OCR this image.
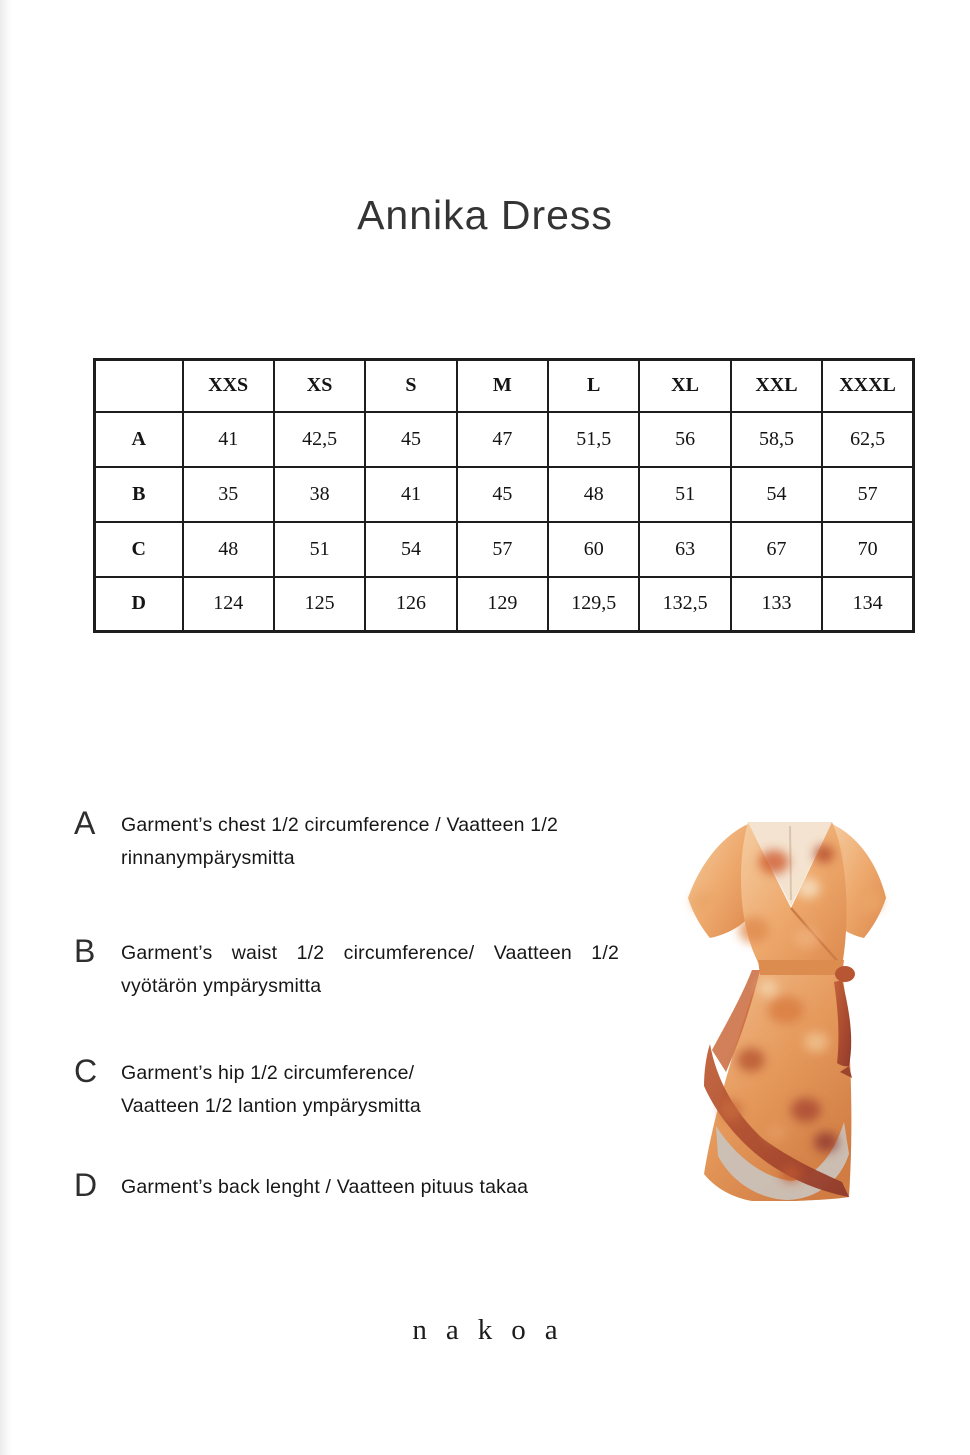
Annika Dress
	XXS	XS	S	M	L	XL	XXL	XXXL
A	41	42,5	45	47	51,5	56	58,5	62,5
B	35	38	41	45	48	51	54	57
C	48	51	54	57	60	63	67	70
D	124	125	126	129	129,5	132,5	133	134
A	Garment’s chest 1/2 circumference / Vaatteen 1/2
rinnanympärysmitta
B	Garment’s waist 1/2 circumference/ Vaatteen 1/2
vyötärön ympärysmitta
C	Garment’s hip 1/2 circumference/
Vaatteen 1/2 lantion ympärysmitta
D	Garment’s back lenght / Vaatteen pituus takaa
nakoa
